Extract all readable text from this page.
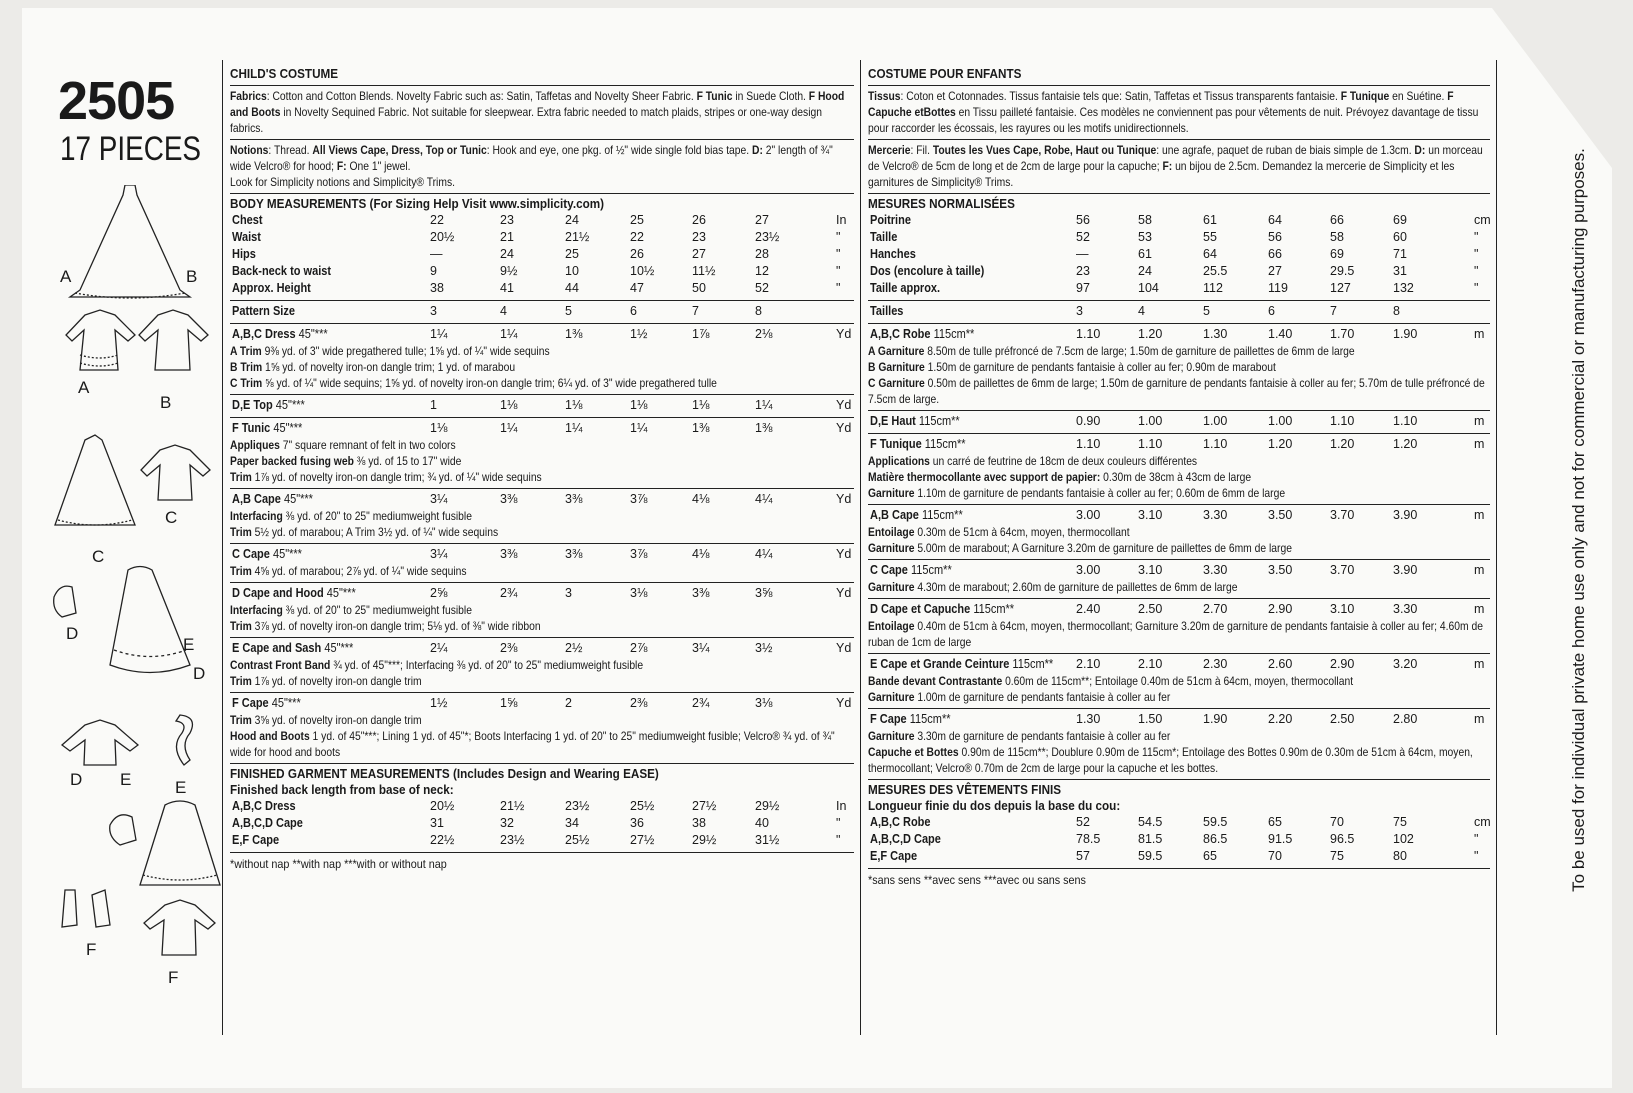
2505
17 PIECES
A	B
A
B
C
C
D
E
D
D E	E
F
F
CHILD'S COSTUME
Fabrics: Cotton and Cotton Blends. Novelty Fabric such as: Satin, Taffetas and Novelty Sheer Fabric. F Tunic in Suede Cloth. F Hood and Boots in Novelty Sequined Fabric. Not suitable for sleepwear. Extra fabric needed to match plaids, stripes or one-way design fabrics.
Notions: Thread. All Views Cape, Dress, Top or Tunic: Hook and eye, one pkg. of ½" wide single fold bias tape. D: 2" length of ¾" wide Velcro® for hood; F: One 1" jewel.
Look for Simplicity notions and Simplicity® Trims.
BODY MEASUREMENTS (For Sizing Help Visit www.simplicity.com)
Chest	22	23	24	25	26	27	In
Waist	20½	21	21½	22	23	23½	"
Hips	—	24	25	26	27	28	"
Back-neck to waist	9	9½	10	10½	11½	12	"
Approx. Height	38	41	44	47	50	52	"
Pattern Size	3	4	5	6	7	8
A,B,C Dress 45"***	1¼	1¼	1⅜	1½	1⅞	2⅛	Yd
A Trim 9⅜ yd. of 3" wide pregathered tulle; 1⅝ yd. of ¼" wide sequins
B Trim 1⅝ yd. of novelty iron-on dangle trim; 1 yd. of marabou
C Trim ⅝ yd. of ¼" wide sequins; 1⅝ yd. of novelty iron-on dangle trim; 6¼ yd. of 3" wide pregathered tulle
D,E Top 45"***	1	1⅛	1⅛	1⅛	1⅛	1¼	Yd
F Tunic 45"***	1⅛	1¼	1¼	1¼	1⅜	1⅜	Yd
Appliques 7" square remnant of felt in two colors
Paper backed fusing web ⅜ yd. of 15 to 17" wide
Trim 1⅞ yd. of novelty iron-on dangle trim; ¾ yd. of ¼" wide sequins
A,B Cape 45"***	3¼	3⅜	3⅜	3⅞	4⅛	4¼	Yd
Interfacing ⅜ yd. of 20" to 25" mediumweight fusible
Trim 5½ yd. of marabou; A Trim 3½ yd. of ¼" wide sequins
C Cape 45"***	3¼	3⅜	3⅜	3⅞	4⅛	4¼	Yd
Trim 4⅝ yd. of marabou; 2⅞ yd. of ¼" wide sequins
D Cape and Hood 45"***	2⅝	2¾	3	3⅛	3⅜	3⅝	Yd
Interfacing ⅜ yd. of 20" to 25" mediumweight fusible
Trim 3⅞ yd. of novelty iron-on dangle trim; 5⅛ yd. of ⅜" wide ribbon
E Cape and Sash 45"***	2¼	2⅜	2½	2⅞	3¼	3½	Yd
Contrast Front Band ¾ yd. of 45"***; Interfacing ⅜ yd. of 20" to 25" mediumweight fusible
Trim 1⅞ yd. of novelty iron-on dangle trim
F Cape 45"***	1½	1⅝	2	2⅜	2¾	3⅛	Yd
Trim 3⅝ yd. of novelty iron-on dangle trim
Hood and Boots 1 yd. of 45"***; Lining 1 yd. of 45"*; Boots Interfacing 1 yd. of 20" to 25" mediumweight fusible; Velcro® ¾ yd. of ¾" wide for hood and boots
FINISHED GARMENT MEASUREMENTS (Includes Design and Wearing EASE)
Finished back length from base of neck:
A,B,C Dress	20½	21½	23½	25½	27½	29½	In
A,B,C,D Cape	31	32	34	36	38	40	"
E,F Cape	22½	23½	25½	27½	29½	31½	"
*without nap **with nap ***with or without nap
COSTUME POUR ENFANTS
Tissus: Coton et Cotonnades. Tissus fantaisie tels que: Satin, Taffetas et Tissus transparents fantaisie. F Tunique en Suétine. F Capuche etBottes en Tissu pailleté fantaisie. Ces modèles ne conviennent pas pour vêtements de nuit. Prévoyez davantage de tissu pour raccorder les écossais, les rayures ou les motifs unidirectionnels.
Mercerie: Fil. Toutes les Vues Cape, Robe, Haut ou Tunique: une agrafe, paquet de ruban de biais simple de 1.3cm. D: un morceau de Velcro® de 5cm de long et de 2cm de large pour la capuche; F: un bijou de 2.5cm. Demandez la mercerie de Simplicity et les garnitures de Simplicity® Trims.

MESURES NORMALISÉES
Poitrine	56	58	61	64	66	69	cm
Taille	52	53	55	56	58	60	"
Hanches	—	61	64	66	69	71	"
Dos (encolure à taille)	23	24	25.5	27	29.5	31	"
Taille approx.	97	104	112	119	127	132	"
Tailles	3	4	5	6	7	8
A,B,C Robe 115cm**	1.10	1.20	1.30	1.40	1.70	1.90	m
A Garniture 8.50m de tulle préfroncé de 7.5cm de large; 1.50m de garniture de paillettes de 6mm de large
B Garniture 1.50m de garniture de pendants fantaisie à coller au fer; 0.90m de marabout
C Garniture 0.50m de paillettes de 6mm de large; 1.50m de garniture de pendants fantaisie à coller au fer; 5.70m de tulle préfroncé de 7.5cm de large.
D,E Haut 115cm**	0.90	1.00	1.00	1.00	1.10	1.10	m
F Tunique 115cm**	1.10	1.10	1.10	1.20	1.20	1.20	m
Applications un carré de feutrine de 18cm de deux couleurs différentes
Matière thermocollante avec support de papier: 0.30m de 38cm à 43cm de large
Garniture 1.10m de garniture de pendants fantaisie à coller au fer; 0.60m de 6mm de large
A,B Cape 115cm**	3.00	3.10	3.30	3.50	3.70	3.90	m
Entoilage 0.30m de 51cm à 64cm, moyen, thermocollant
Garniture 5.00m de marabout; A Garniture 3.20m de garniture de paillettes de 6mm de large
C Cape 115cm**	3.00	3.10	3.30	3.50	3.70	3.90	m
Garniture 4.30m de marabout; 2.60m de garniture de paillettes de 6mm de large
D Cape et Capuche 115cm**	2.40	2.50	2.70	2.90	3.10	3.30	m
Entoilage 0.40m de 51cm à 64cm, moyen, thermocollant; Garniture 3.20m de garniture de pendants fantaisie à coller au fer; 4.60m de ruban de 1cm de large
E Cape et Grande Ceinture 115cm** 2.10	2.10	2.30	2.60	2.90	3.20	m
Bande devant Contrastante 0.60m de 115cm**; Entoilage 0.40m de 51cm à 64cm, moyen, thermocollant
Garniture 1.00m de garniture de pendants fantaisie à coller au fer
F Cape 115cm**	1.30	1.50	1.90	2.20	2.50	2.80	m
Garniture 3.30m de garniture de pendants fantaisie à coller au fer
Capuche et Bottes 0.90m de 115cm**; Doublure 0.90m de 115cm*; Entoilage des Bottes 0.90m de 0.30m de 51cm à 64cm, moyen, thermocollant; Velcro® 0.70m de 2cm de large pour la capuche et les bottes.
MESURES DES VÊTEMENTS FINIS
Longueur finie du dos depuis la base du cou:
A,B,C Robe	52	54.5	59.5	65	70	75	cm
A,B,C,D Cape	78.5	81.5	86.5	91.5	96.5	102	"
E,F Cape	57	59.5	65	70	75	80	"
*sans sens **avec sens ***avec ou sans sens	To be used for individual private home use only and not for commercial or manufacturing purposes.
